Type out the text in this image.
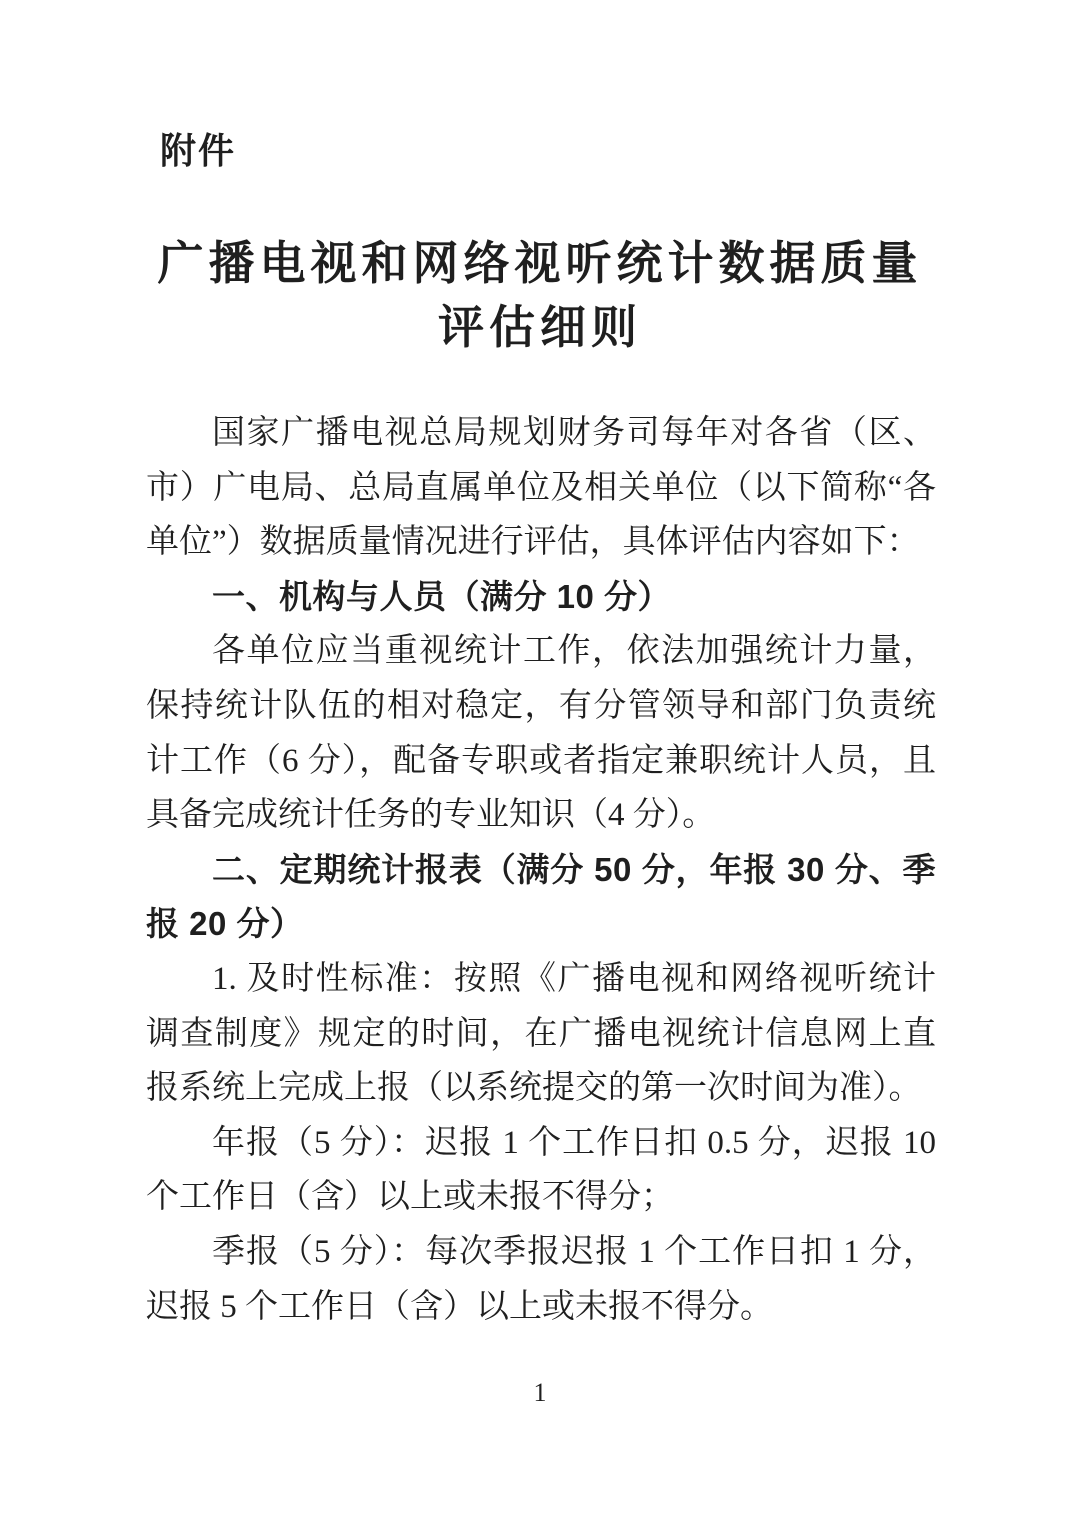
附件
广播电视和网络视听统计数据质量
评估细则

国家广播电视总局规划财务司每年对各省（区、市）广电局、总局直属单位及相关单位（以下简称“各单位”）数据质量情况进行评估，具体评估内容如下：

一、机构与人员（满分 10 分）

各单位应当重视统计工作，依法加强统计力量，保持统计队伍的相对稳定，有分管领导和部门负责统计工作（6 分），配备专职或者指定兼职统计人员，且具备完成统计任务的专业知识（4 分）。

二、定期统计报表（满分 50 分，年报 30 分、季报 20 分）

1. 及时性标准：按照《广播电视和网络视听统计调查制度》规定的时间，在广播电视统计信息网上直报系统上完成上报（以系统提交的第一次时间为准）。

年报（5 分）：迟报 1 个工作日扣 0.5 分，迟报 10 个工作日（含）以上或未报不得分；

季报（5 分）：每次季报迟报 1 个工作日扣 1 分，迟报 5 个工作日（含）以上或未报不得分。

1
